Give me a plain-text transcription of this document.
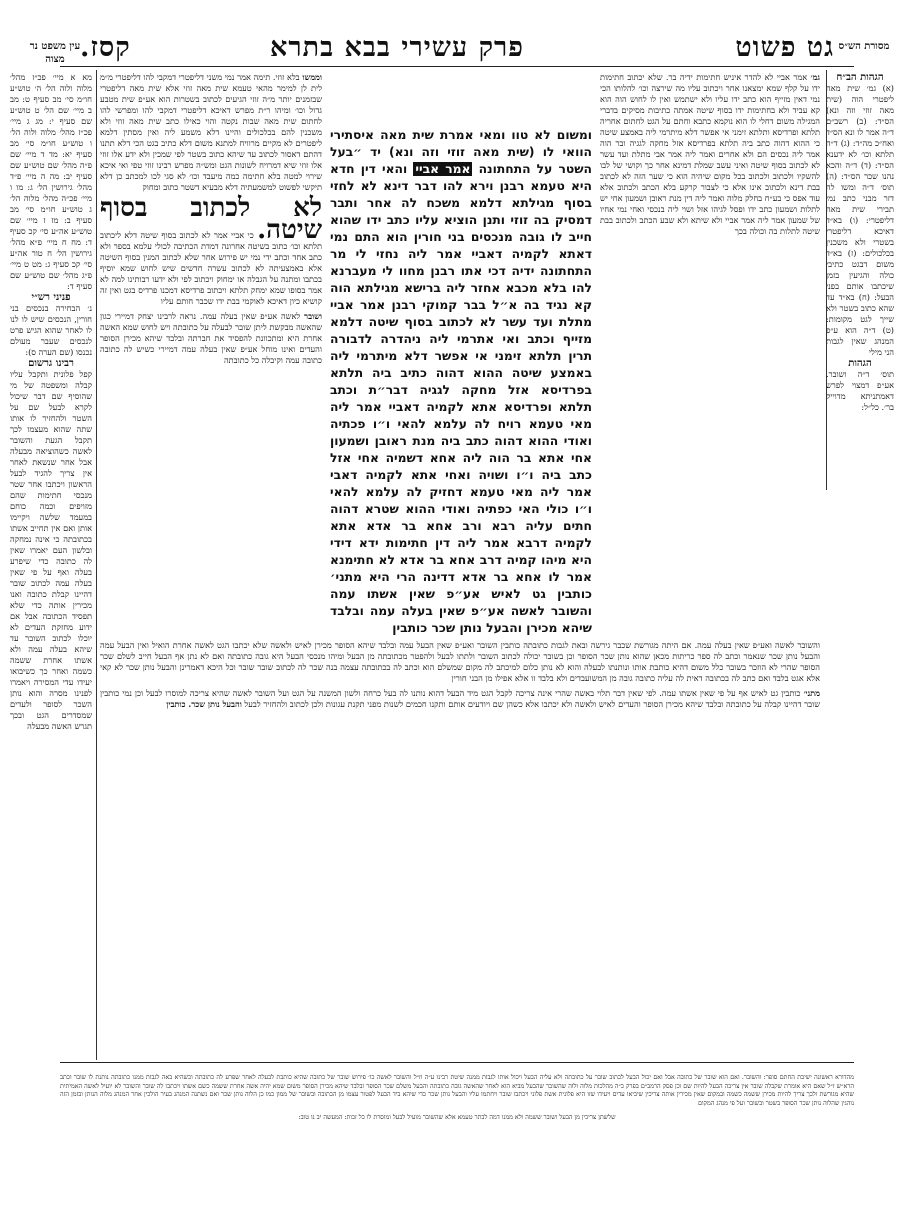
גט פשוט
פרק עשירי
בבא בתרא
קסז.	מסורת הש״ס
עין משפט נר מצוה

הגהות הב״ח

(א) גמ׳ שית מאה ליפטרי הוה (שית מאה זוזי וזה ונא) הס״ד: (ב) רשב״ם ד״ה אמר לו ונא הס״ד ואח״כ מה״ד: (ג) ד״ה תלתא וכו׳ לא ידענא הס״ד: (ד) ד״ה והכא נהנו שכר הס״ד: (ה) תוס׳ ד״ה ומשו לה דזר מבני כתב נמי תבירי שית מאה דליפטרי: (ו) בא״ד דאיכא דליפטרי בשטרי ולא משכנין בכלכולים: (ז) בא״ד משום דבגט כתיבי כולה והגיעין בזמן שיכתבו אותם בפני הבעל: (ח) בא״ד עד שהא כתוב בשטר ולא שייך לגט מקומות: (ט) ד״ה הוא ע״פ המנהג שאין לגבות הני מילי

הגהות

תוס׳ ד״ה ושובר. אע״פ דמצוי לפרש דאמתניתא מדוייק בר׳. כל״ל:

גמ׳ אמר אביי לא להדר איניש חתימות ידיה בר. שלא יכתוב חתימות ידו על קלף שמא ימצאנו אחר ויכתוב עליו מה שירצה וכו׳ להלותו הכי נמי דאין מזייף הוא כתב ידו עליו ולא ישתמש ואין לו לחוש הוה הוא קא עביד ולא בחתימות ידו בסוף שיטה אמתה כתיבות מסיקים בדברי המגילה משום דחלי לו הוא נוקמא כתבא וחתם על הגט לחתום אחריה תלתא ופרדיסא ותלתא זימני אי אפשר דלא מיתרמי ליה באמצע שיטה כי ההוא דהוה כתב ביה תלתא בפרדיסא אזל מחקה לגגיה ובר הוה אמר ליה נכסים הם ולא אחרים ואמר ליה אמר אבי מתלת ועד עשר לא לכתוב בסוף שיטה ואיני עשב שמלת דמינא אחר כך וקושי של לבו להשקיו ולכתוב ולכתוב בכל מקום שיהיה הוא כי שער הזה לא לכתוב בבת דינא ולכתוב אינו אלא כי לצבור קרקע בלא הכתב ולכתוב אלא עוד אפס כי בע״ח בחלק מלוה ואמר ליה דין מנת ראובן ושמעון אחי יש לתלות ושמעון כתב ידו ופסל לגיהו אזל ושוי ליה בנכסי ואחי נמי אחיו של שמעון אמר ליה אמר אביי ולא שיתא ולא שבע הכתב ולכתוב בבת שיטה לתלות בה וכולה בכך

ומשום לא טוו ומאי אמרת שית מאה איסתירי הוואי לו (שית מאה זוזי וזה ונא) יד ״בעל השטר על התחתונה אמר אביי והאי דין חדא היא טעמא רבנן וירא להו דבר דינא לא לחזי בסוף מגילתא דלמא משכח לה אחר ותבר דמסיק בה זוזי ותנן הוציא עליו כתב ידו שהוא חייב לו גובה מנכסים בני חורין הוא התם נמי דאתא לקמיה דאביי אמר ליה נחזי לי מר התחתונה ידיה דכי אתו רבנן מחוו לי מעברנא להו בלא מכבא אחזר ליה ברישא מגילתא הוה קא נגיד בה א״ל בבר קמוקי רבנן אמר אביי מתלת ועד עשר לא לכתוב בסוף שיטה דלמא מזייף וכתב ואי אתרמי ליה ניהדרה לדבורה תרין תלתא זימני אי אפשר דלא מיתרמי ליה באמצע שיטה ההוא דהוה כתיב ביה תלתא בפרדיסא אזל מחקה לגגיה דבר״ת וכתב תלתא ופרדיסא אתא לקמיה דאביי אמר ליה מאי טעמא רויח לה עלמא להאי ו״ו פכתיה ואודי ההוא דהוה כתב ביה מנת ראובן ושמעון אחי אתא בר הוה ליה אחא דשמיה אחי אזל כתב ביה ו״ו ושויה ואחי אתא לקמיה דאבי אמר ליה מאי טעמא דחזיק לה עלמא להאי ו״ו כולי האי כפתיה ואודי ההוא שטרא דהוה חתים עליה רבא ורב אחא בר אדא אתא לקמיה דרבא אמר ליה דין חתימות ידא דידי היא מיהו קמיה דרב אחא בר אדא לא חתימנא אמר לו אחא בר אדא דדינה הרי היא מתני׳ כותבין גט לאיש אע״פ שאין אשתו עמה והשובר לאשה אע״פ שאין בעלה עמה ובלבד שיהא מכירן והבעל נותן שכר כותבין

וממשו בלא זוזי. תימה אמר נמי משני דליפטרי דמקבי להו דליפטרי מ״מ לית לן למימר מהאי טעמא שית מאה זוזי אלא שית מאה דליפטרי שבזמנים יותר מ״ה זוזי הגיעים לכתוב בשטרות הוא אע״פ שית מטבע גדול וכו׳ ומיהו ר״ת מפרש דאיכא דליפטרי דמקבי להו ומפרשי להו לחתום שית מאה שבות נקטה והוי כאילו כתב שית מאה זוזי ולא משכנין להם בכלכולים והיינו דלא משמע ליה ואין מסתין דלמא ליפטרים לא מקיים מרוויח למתנא משום דלא כתיב בגט הכי דלא תתנו דהתם דאסור לכתוב עד שיהא כתוב בשטר לפי שמכין ולא ידע אלו זוזי אלו זוזי שיא דמרויח לשונות הגט ומש״ה מפרש רבינו זוזי טפי ואי איכא שירוי למטה בלא חתימה כמה מיעבד וכו׳ לא סגי לכו למכתב כן דלא תיקשי לפשוט למשמעתיה דלא מבעיא דשטר כתוב ומחוק

לא לכתוב בסוף שיטה. כי אביי אמר לא לכתוב בסוף שיטה דלא ליכתוב תלתא וכו׳ כתוב בשיטה אחרונה דמדת הכתיבה לכולי עלמא בספר ולא כתב אחד וכתב ידי נמי יש פירוש אחר שלא לכתוב המנין בסוף השיטה אלא באמצעיתה לא לכתוב עשרה חדשים שיש לחוש שמא יוסיף בכתבו ומתנה על הגבלה או ימחוק ויכתוב לפי ולא ידעו רבותינו למה לא אמר בסופו שמא ימחק תלתא ויכתוב פרדיסא דמכנו פרדיס בגט ואין זה קושיא כיון דאיכא לאוקמי בבת ידו שכבר חותם עליו

ושובר לאשה אע״פ שאין בעלה עמה. נראה לרבינו יצחק דמיירי כגון שהאשה מבקשת ליתן שובר לבעלה על כתובתה ויש לחוש שמא האשה אחרת היא ומתכוונת להפסיד את חברתה ובלבד שיהא מכירן הסופר והעדים ואינו מוחל אע״פ שאין בעלה עמה דמיירי כשיש לה כתובה כתובה עמה וקיבלה כל כתובתה

מא א מיי׳ פכ״ז מהל׳ מלוה ולוה הל׳ ה׳ טוש״ע חו״מ סי׳ מב סעיף ט: מב ב מיי׳ שם הל׳ ט טוש״ע שם סעיף י: מג ג מיי׳ פכ״ז מהל׳ מלוה ולוה הל׳ ו טוש״ע חו״מ סי׳ מב סעיף יא: מד ד מיי׳ שם פ״ה מהל׳ שם טוש״ע שם סעיף יב: מה ה מיי׳ פ״ד מהל׳ גירושין הל׳ ג: מו ו מיי׳ פכ״ה מהל׳ מלוה הל׳ ג טוש״ע חו״מ סי׳ מב סעיף ב: מז ז מיי׳ שם טוש״ע אה״ע סי׳ קכ סעיף ד: מח ח מיי׳ פ״א מהל׳ גירושין הל׳ ח טור אה״ע סי׳ קכ סעיף ג: מט ט מיי׳ פ״ג מהל׳ שם טוש״ע שם סעיף ד:

פניני רש״י

נ׳ הבחירה בנכסים בני חורין, הנכסים שיש לו לנו לו לאחר שהוא הגיש פרט לנכסים שעבר מעולם נכנסו (שם הערה ס):

רבינו גרשום

קפל פלונית ותקבל עליו קבלה ומשפטה של מי שהוסיף שם דבר שיכול לקרא לבעל שם על השטר ולהחזיר לו אותו שתה שהוא מעצמו לכך תקבל הגעת והשובר לאשה כשהוציאה מבעלה אבל אחר שנשאת לאחר אין צריך להגיד לבעל הראשון ויכתבו אחר שטר מנכסי חתימות שהם מזויפים וכמה כוחם במעמד שלשה ויקיימו אותן ואם אין תחייב אשתו בכתובתה כי אינה נמחקה ובלשון העם יאמרו שאין לה כתובה כדי שיפרע בעלה ואף על פי שאין בעלה עמה לכתוב שובר דהיינו קבלת כתובה ואנו מכירין אותה כדי שלא תפסיד הכתובה אבל אם ידוע מחזקת העדים לא יוכלו לכתוב השובר עד שיהא בעלה עמה ולא אשתו אחרת ששמה כשמה ואחר כך כשיבואו יעידו עדי המסירה ויאמרו לפנינו מסרה והוא נותן השכר לסופר ולעדים שמסדרים הגט ובכך תגרש האשה מבעלה

והשובר לאשה ואע״פ שאין בעלה עמה. אם היתה מגורשת שכבר גירשה ובאת לגבות כתובתה כותבין השובר ואע״פ שאין הבעל עמה ובלבד שיהא הסופר מכירן לאיש ולאשה שלא יכתבו הגט לאשה אחרת הואיל ואין הבעל עמה והבעל נותן שכר שנאמר וכתב לה ספר כריתות מכאן שהוא נותן שכר הסופר וכן בשובר יכולה לכתוב השובר ולתתו לבעל ולהפטר מכתובתה מן הבעל ומיהו מנכסי הבעל היא גובה כתובתה ואם לא נתן אף הבעל חייב לשלם שכר הסופר שהרי לא הוזכר בשובר כלל משום דהיא כותבת אותו ונותנתו לבעלה והוא לא נותן כלום למיכתב לה מקום שמשלם הוא וכתב לה בכתובתה עצמה בנה שכר לה לכתוב שובר שובר וכל היכא דאמרינן והבעל נותן שכר לא קאי אלא אגט בלבד ואם כתב לה בכתובה דאית לה עליה כתובה גובה מן המשועבדים ולא בלבד זו אלא אפילו מן הבני חורין

מתני׳ כותבין גט לאיש אף על פי שאין אשתו עמה. לפי שאין דבר תלוי באשה שהרי אינה צריכה לקבל הגט מיד הבעל דהוא נותנו לה בעל כרחה ולשון המשנה על הגט ועל השובר לאשה שהיא צריכה למוסרו לבעל וכן נמי כותבין שובר דהיינו קבלה על כתובתה ובלבד שיהא מכירן הסופר והעדים לאיש ולאשה ולא יכתבו אלא כשהן שם ויודעים אותם ותקנו חכמים לשנות מפני תקנת עגונות ולכן לכתוב ולהחזיר לבעל והבעל נותן שכר. כותבין

מהדורא ראשונה ישיבת החתם סופר: והשובר. ואם הוא שובר של כתובה אבל ואם יכול הבעל לכתוב שובר על כתובתה ולא עליה הבעל ויכול אותו לגבות ממנה שיטת רבינו ע״ה וז״ל והשובר לאשה כו׳ פירוש שובר של כתובה שהיא כותבת לבעלה לאחר שפרע לה כתובתה וכשהיא באה לגבות ממנו כתובתה נותנת לו שובר וכתב הרא״ש ז״ל שאם היא אומרת שקבלה שובר אין צריכה הבעל להיות שם וכן פסק הרמב״ם בפרק כ״ה מהלכות מלוה ולוה שהשובר שהבעל מביא הוא לאחר שהאשה גובה כתובתה והבעל משלם שכר הסופר ובלבד שיהא מכירן הסופר משום שמא יהיה אשה אחרת ששמה כשם אשתו ויכתבו לה שובר והשובר לא יועיל לאשה האמיתית שהיא מגורשת ולכך צריך להיות מכירן ששמה כשמה ובמקום שאין מכירין אותה צריכין שיביאו עדים ויעידו שזו היא פלונית אשת פלוני ויכתבו שובר ויחתמו עליו והבעל נותן שכר כדי שיהא ביד הבעל לפטור עצמו מן הכתובה ובשובר של ממון כמו כן הלוה נותן שכר ואם נשתנה המנהג בעיר הולכין אחר המנהג מלוה הנותן ובזמן הזה נוהגין שהלוה נותן שכר הסופר בשטר ובשובר ועל פי מנהג המקום

שלשתן צריכין מן הבעל ושובר ששמה ולא ממנו דמה לבתר טעמא אלא שהשובר מועיל לבעל ומוסרת לו כל זכות: המעשה יב נו טוב:
